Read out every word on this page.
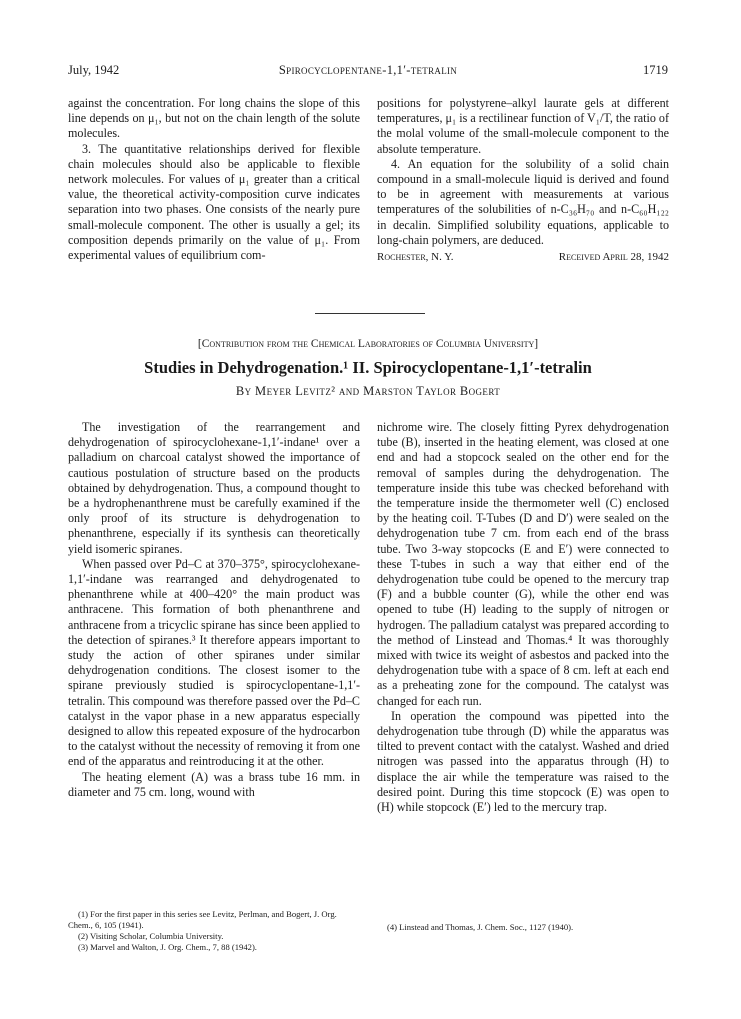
July, 1942	Spirocyclopentane-1,1′-tetralin	1719

against the concentration. For long chains the slope of this line depends on μ₁, but not on the chain length of the solute molecules.

3. The quantitative relationships derived for flexible chain molecules should also be applicable to flexible network molecules. For values of μ₁ greater than a critical value, the theoretical activity-composition curve indicates separation into two phases. One consists of the nearly pure small-molecule component. The other is usually a gel; its composition depends primarily on the value of μ₁. From experimental values of equilibrium com-

positions for polystyrene–alkyl laurate gels at different temperatures, μ₁ is a rectilinear function of V₁/T, the ratio of the molal volume of the small-molecule component to the absolute temperature.

4. An equation for the solubility of a solid chain compound in a small-molecule liquid is derived and found to be in agreement with measurements at various temperatures of the solubilities of n-C₃₆H₇₀ and n-C₆₀H₁₂₂ in decalin. Simplified solubility equations, applicable to long-chain polymers, are deduced.

Rochester, N. Y.	Received April 28, 1942
[Contribution from the Chemical Laboratories of Columbia University]
Studies in Dehydrogenation.¹ II. Spirocyclopentane-1,1′-tetralin
By Meyer Levitz² and Marston Taylor Bogert

The investigation of the rearrangement and dehydrogenation of spirocyclohexane-1,1′-indane¹ over a palladium on charcoal catalyst showed the importance of cautious postulation of structure based on the products obtained by dehydrogenation. Thus, a compound thought to be a hydrophenanthrene must be carefully examined if the only proof of its structure is dehydrogenation to phenanthrene, especially if its synthesis can theoretically yield isomeric spiranes.

When passed over Pd–C at 370–375°, spirocyclohexane-1,1′-indane was rearranged and dehydrogenated to phenanthrene while at 400–420° the main product was anthracene. This formation of both phenanthrene and anthracene from a tricyclic spirane has since been applied to the detection of spiranes.³ It therefore appears important to study the action of other spiranes under similar dehydrogenation conditions. The closest isomer to the spirane previously studied is spirocyclopentane-1,1′-tetralin. This compound was therefore passed over the Pd–C catalyst in the vapor phase in a new apparatus especially designed to allow this repeated exposure of the hydrocarbon to the catalyst without the necessity of removing it from one end of the apparatus and reintroducing it at the other.

The heating element (A) was a brass tube 16 mm. in diameter and 75 cm. long, wound with

nichrome wire. The closely fitting Pyrex dehydrogenation tube (B), inserted in the heating element, was closed at one end and had a stopcock sealed on the other end for the removal of samples during the dehydrogenation. The temperature inside this tube was checked beforehand with the temperature inside the thermometer well (C) enclosed by the heating coil. T-Tubes (D and D′) were sealed on the dehydrogenation tube 7 cm. from each end of the brass tube. Two 3-way stopcocks (E and E′) were connected to these T-tubes in such a way that either end of the dehydrogenation tube could be opened to the mercury trap (F) and a bubble counter (G), while the other end was opened to tube (H) leading to the supply of nitrogen or hydrogen. The palladium catalyst was prepared according to the method of Linstead and Thomas.⁴ It was thoroughly mixed with twice its weight of asbestos and packed into the dehydrogenation tube with a space of 8 cm. left at each end as a preheating zone for the compound. The catalyst was changed for each run.

In operation the compound was pipetted into the dehydrogenation tube through (D) while the apparatus was tilted to prevent contact with the catalyst. Washed and dried nitrogen was passed into the apparatus through (H) to displace the air while the temperature was raised to the desired point. During this time stopcock (E) was open to (H) while stopcock (E′) led to the mercury trap.

(1) For the first paper in this series see Levitz, Perlman, and Bogert, J. Org. Chem., 6, 105 (1941).

(2) Visiting Scholar, Columbia University.

(3) Marvel and Walton, J. Org. Chem., 7, 88 (1942).

(4) Linstead and Thomas, J. Chem. Soc., 1127 (1940).
